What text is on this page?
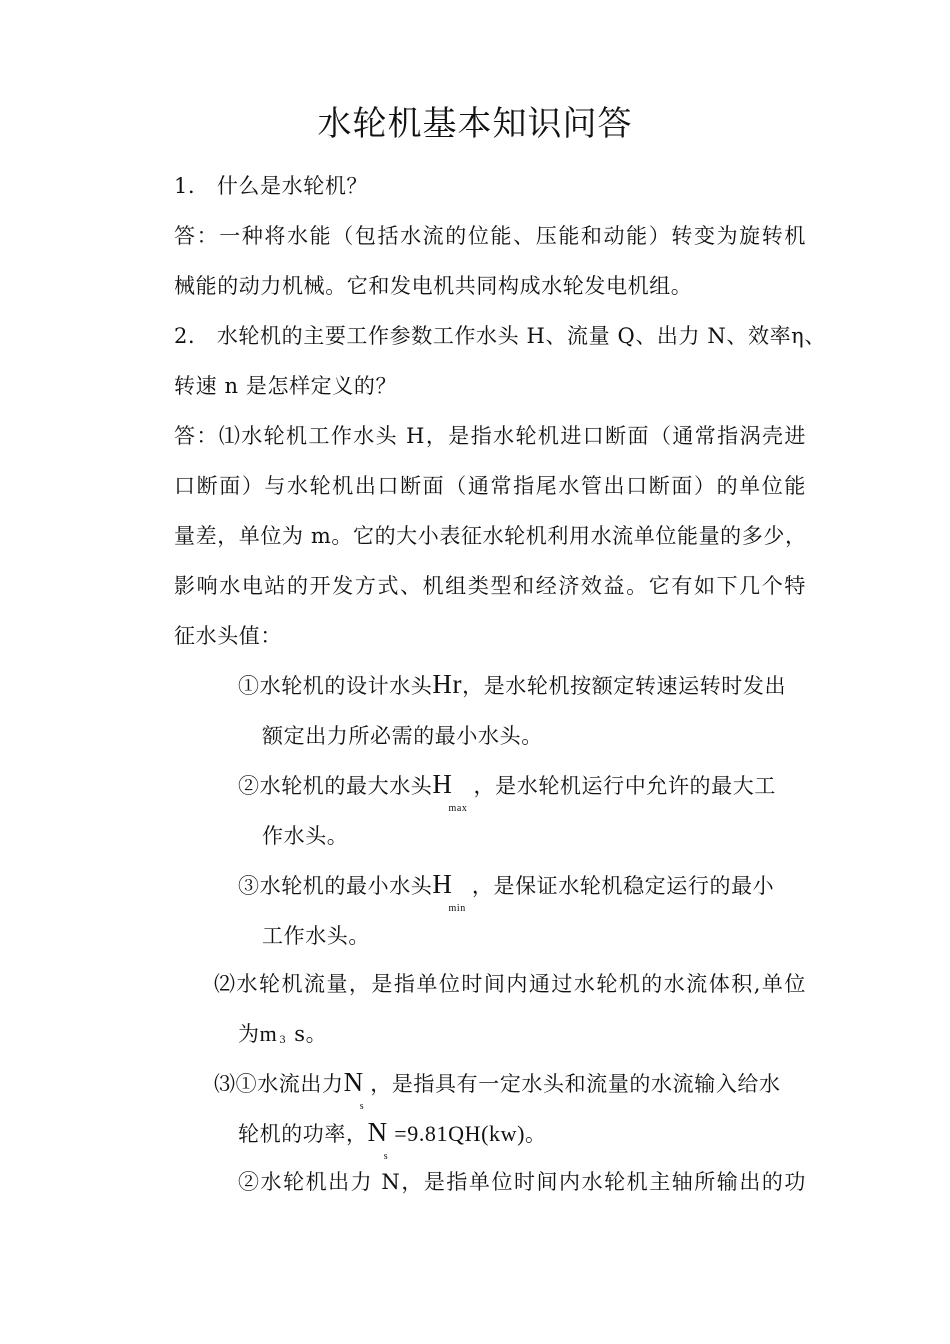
水轮机基本知识问答
1． 什么是水轮机？
答：一种将水能（包括水流的位能、压能和动能）转变为旋转机
械能的动力机械。它和发电机共同构成水轮发电机组。
2． 水轮机的主要工作参数工作水头 H、流量 Q、出力 N、效率η、
转速 n 是怎样定义的？
答：⑴水轮机工作水头 H，是指水轮机进口断面（通常指涡壳进
口断面）与水轮机出口断面（通常指尾水管出口断面）的单位能
量差，单位为 m。它的大小表征水轮机利用水流单位能量的多少，
影响水电站的开发方式、机组类型和经济效益。它有如下几个特
征水头值：
①水轮机的设计水头Hr，是水轮机按额定转速运转时发出
额定出力所必需的最小水头。
②水轮机的最大水头$H_{max}$，是水轮机运行中允许的最大工
作水头。
③水轮机的最小水头$H_{min}$，是保证水轮机稳定运行的最小
工作水头。
⑵水轮机流量，是指单位时间内通过水轮机的水流体积,单位
为m 3 s。
⑶①水流出力$N_s$，是指具有一定水头和流量的水流输入给水
轮机的功率，$N_s=9.81QH(kw)$。
②水轮机出力 N，是指单位时间内水轮机主轴所输出的功
